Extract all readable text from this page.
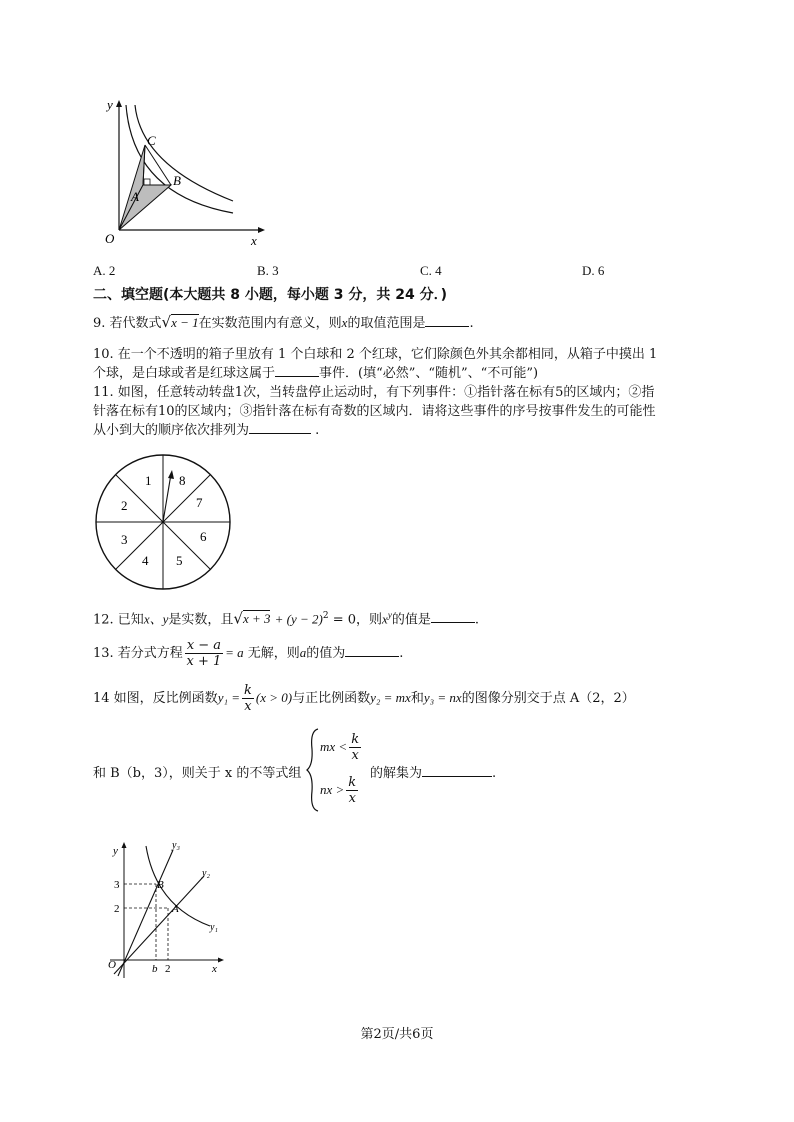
y
x
O
A
B
C
A. 2	B. 3	C. 4	D. 6
二、填空题(本大题共 8 小题，每小题 3 分，共 24 分．)
9. 若代数式√x − 1在实数范围内有意义，则x的取值范围是	.
10. 在一个不透明的箱子里放有 1 个白球和 2 个红球，它们除颜色外其余都相同，从箱子中摸出 1
个球，是白球或者是红球这属于	事件．(填“必然”、“随机”、“不可能”)
11. 如图，任意转动转盘1次，当转盘停止运动时，有下列事件：①指针落在标有5的区域内；②指
针落在标有10的区域内；③指针落在标有奇数的区域内．请将这些事件的序号按事件发生的可能性
从小到大的顺序依次排列为	.
1 8
7
6
5
4
3
2
12. 已知x、y是实数，且$√x + 3 + (y - 2)^2 = 0$，则$x^y$的值是	.
13. 若分式方程 $\frac{x - a}{x + 1} = a$ 无解，则a的值为	.
14 如图，反比例函数$y_1 = \frac{k}{x} (x > 0)$与正比例函数y₂ = mx和y₃ = nx的图像分别交于点 A（2，2）
和 B（b，3），则关于 x 的不等式组
mx < $\frac{k}{x}$
nx > $\frac{k}{x}$
的解集为	.
y
x
O
y₃
y₂
y₁
3
2
b 2
B
A
第2页/共6页
